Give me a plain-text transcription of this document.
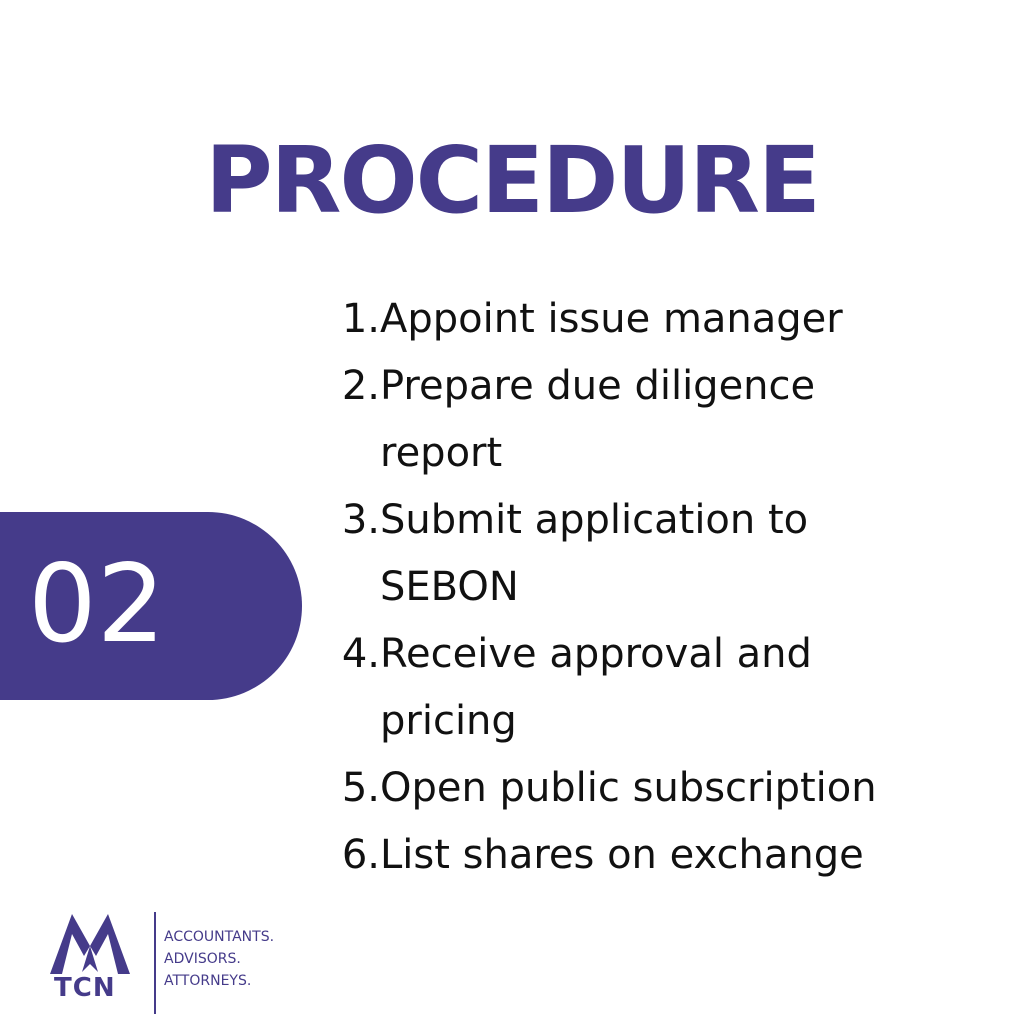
PROCEDURE
02
1. Appoint issue manager
2. Prepare due diligence report
3. Submit application to SEBON
4. Receive approval and pricing
5. Open public subscription
6. List shares on exchange
TCN
ACCOUNTANTS.
ADVISORS.
ATTORNEYS.
